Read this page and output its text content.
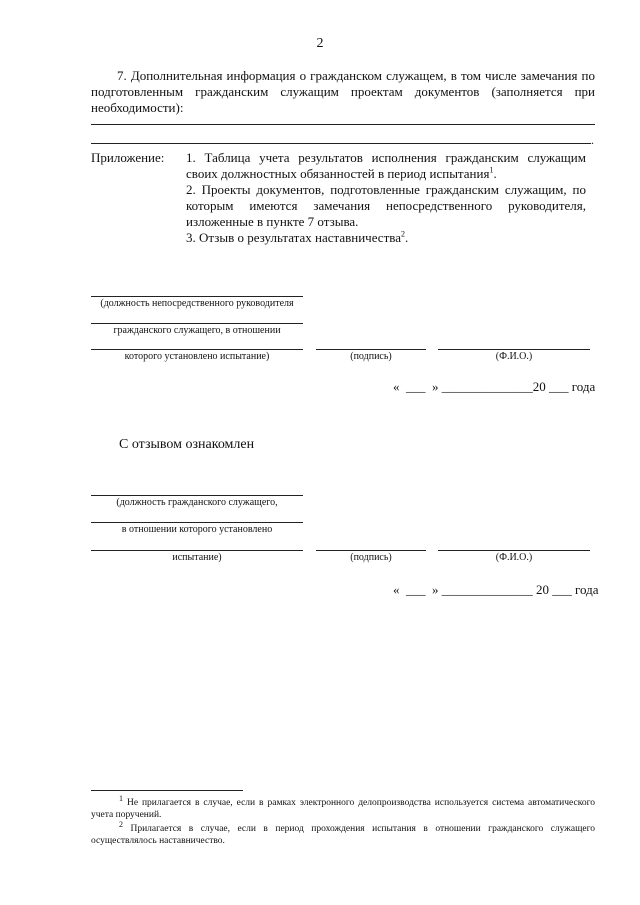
2
7. Дополнительная информация о гражданском служащем, в том числе замечания по подготовленным гражданским служащим проектам документов (заполняется при необходимости):
.
Приложение: 1. Таблица учета результатов исполнения гражданским служащим

своих должностных обязанностей в период испытания$^1$.

2. Проекты документов, подготовленные гражданским служащим, по которым имеются замечания непосредственного руководителя, изложенные в пункте 7 отзыва.

3. Отзыв о результатах наставничества$^2$.

(должность непосредственного руководителя
гражданского служащего, в отношении
которого установлено испытание)	(подпись)	(Ф.И.О.)
«  ___  » ______________20 ___ года
С отзывом ознакомлен
(должность гражданского служащего,
в отношении которого установлено
испытание)	(подпись)	(Ф.И.О.)
«  ___  » ______________ 20 ___ года
$^1$ Не прилагается в случае, если в рамках электронного делопроизводства используется система автоматического учета поручений.
$^2$ Прилагается в случае, если в период прохождения испытания в отношении гражданского служащего осуществлялось наставничество.
